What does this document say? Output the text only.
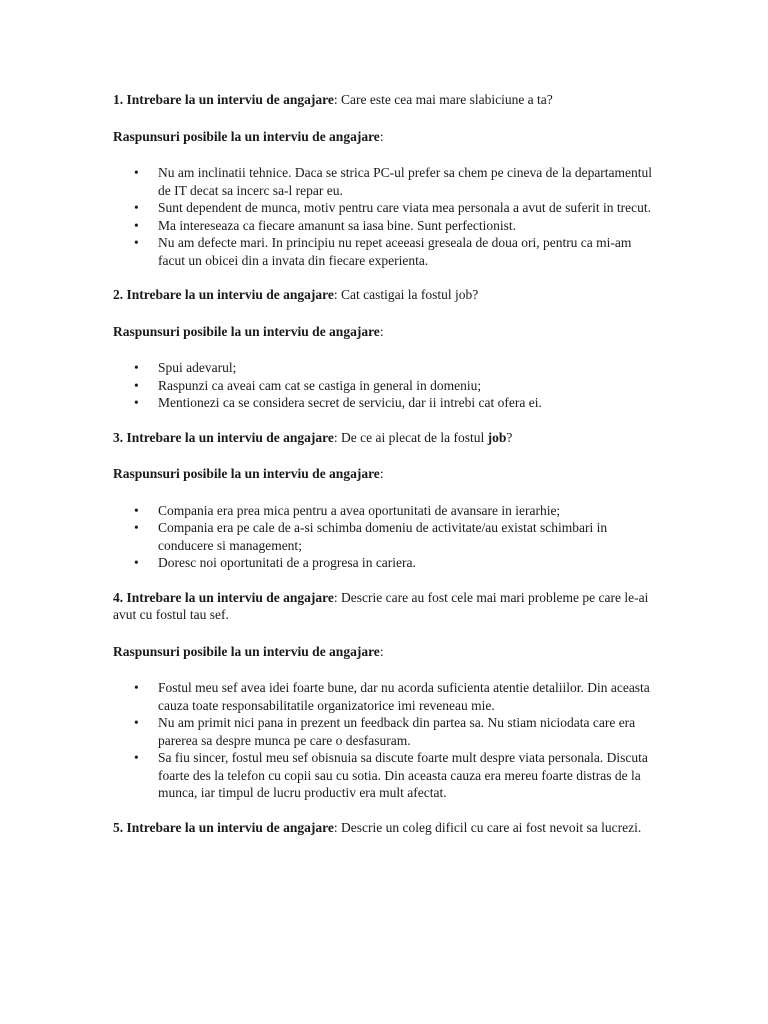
1. Intrebare la un interviu de angajare: Care este cea mai mare slabiciune a ta?

Raspunsuri posibile la un interviu de angajare:

• Nu am inclinatii tehnice. Daca se strica PC-ul prefer sa chem pe cineva de la departamentul de IT decat sa incerc sa-l repar eu.
• Sunt dependent de munca, motiv pentru care viata mea personala a avut de suferit in trecut.
• Ma intereseaza ca fiecare amanunt sa iasa bine. Sunt perfectionist.
• Nu am defecte mari. In principiu nu repet aceeasi greseala de doua ori, pentru ca mi-am facut un obicei din a invata din fiecare experienta.

2. Intrebare la un interviu de angajare: Cat castigai la fostul job?

Raspunsuri posibile la un interviu de angajare:

• Spui adevarul;
• Raspunzi ca aveai cam cat se castiga in general in domeniu;
• Mentionezi ca se considera secret de serviciu, dar ii intrebi cat ofera ei.

3. Intrebare la un interviu de angajare: De ce ai plecat de la fostul job?

Raspunsuri posibile la un interviu de angajare:

• Compania era prea mica pentru a avea oportunitati de avansare in ierarhie;
• Compania era pe cale de a-si schimba domeniu de activitate/au existat schimbari in conducere si management;
• Doresc noi oportunitati de a progresa in cariera.

4. Intrebare la un interviu de angajare: Descrie care au fost cele mai mari probleme pe care le-ai avut cu fostul tau sef.

Raspunsuri posibile la un interviu de angajare:

• Fostul meu sef avea idei foarte bune, dar nu acorda suficienta atentie detaliilor. Din aceasta cauza toate responsabilitatile organizatorice imi reveneau mie.
• Nu am primit nici pana in prezent un feedback din partea sa. Nu stiam niciodata care era parerea sa despre munca pe care o desfasuram.
• Sa fiu sincer, fostul meu sef obisnuia sa discute foarte mult despre viata personala. Discuta foarte des la telefon cu copii sau cu sotia. Din aceasta cauza era mereu foarte distras de la munca, iar timpul de lucru productiv era mult afectat.

5. Intrebare la un interviu de angajare: Descrie un coleg dificil cu care ai fost nevoit sa lucrezi.
